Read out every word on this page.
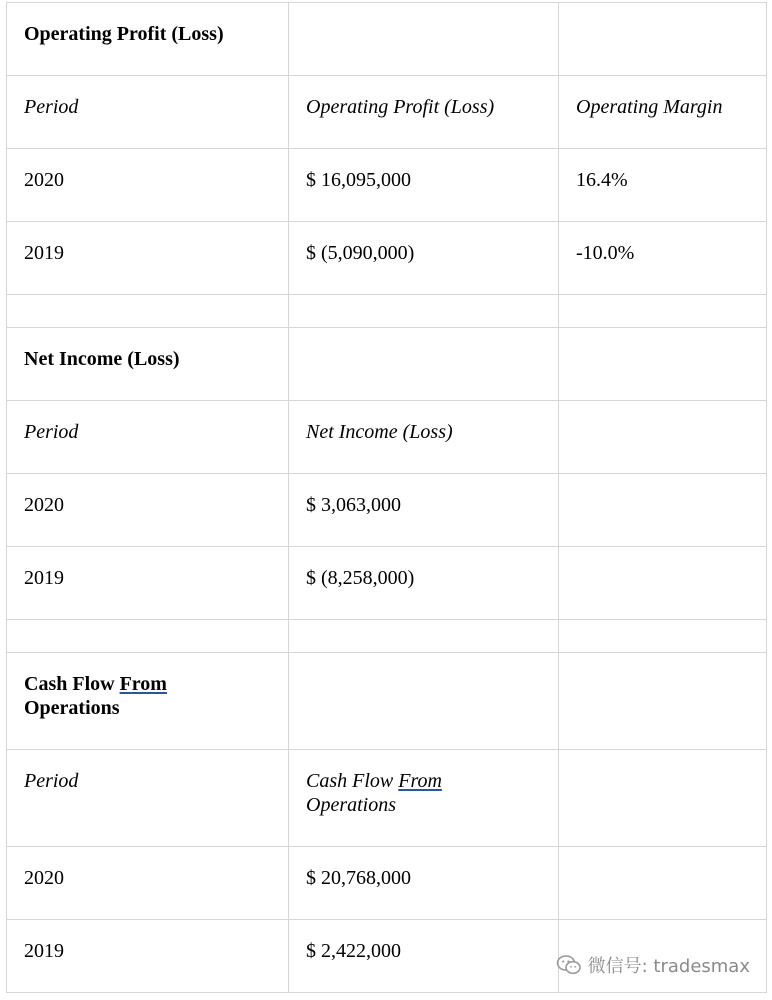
Operating Profit (Loss)		

Period	Operating Profit (Loss)	Operating Margin

2020	$ 16,095,000	16.4%

2019	$ (5,090,000)	-10.0%

Net Income (Loss)		

Period	Net Income (Loss)	

2020	$ 3,063,000	

2019	$ (8,258,000)	

Cash Flow From
Operations		

Period	Cash Flow From
Operations	

2020	$ 20,768,000	

2019	$ 2,422,000	

微信号: tradesmax
